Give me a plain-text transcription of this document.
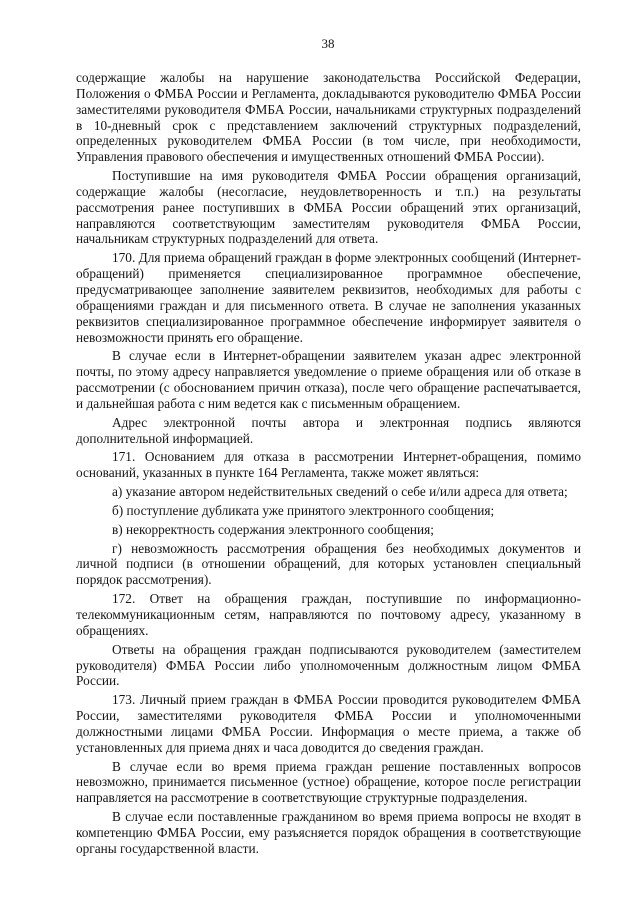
38

содержащие жалобы на нарушение законодательства Российской Федерации, Положения о ФМБА России и Регламента, докладываются руководителю ФМБА России заместителями руководителя ФМБА России, начальниками структурных подразделений в 10-дневный срок с представлением заключений структурных подразделений, определенных руководителем ФМБА России (в том числе, при необходимости, Управления правового обеспечения и имущественных отношений ФМБА России).

Поступившие на имя руководителя ФМБА России обращения организаций, содержащие жалобы (несогласие, неудовлетворенность и т.п.) на результаты рассмотрения ранее поступивших в ФМБА России обращений этих организаций, направляются соответствующим заместителям руководителя ФМБА России, начальникам структурных подразделений для ответа.

170. Для приема обращений граждан в форме электронных сообщений (Интернет-обращений) применяется специализированное программное обеспечение, предусматривающее заполнение заявителем реквизитов, необходимых для работы с обращениями граждан и для письменного ответа. В случае не заполнения указанных реквизитов специализированное программное обеспечение информирует заявителя о невозможности принять его обращение.

В случае если в Интернет-обращении заявителем указан адрес электронной почты, по этому адресу направляется уведомление о приеме обращения или об отказе в рассмотрении (с обоснованием причин отказа), после чего обращение распечатывается, и дальнейшая работа с ним ведется как с письменным обращением.

Адрес электронной почты автора и электронная подпись являются дополнительной информацией.

171. Основанием для отказа в рассмотрении Интернет-обращения, помимо оснований, указанных в пункте 164 Регламента, также может являться:

а) указание автором недействительных сведений о себе и/или адреса для ответа;

б) поступление дубликата уже принятого электронного сообщения;

в) некорректность содержания электронного сообщения;

г) невозможность рассмотрения обращения без необходимых документов и личной подписи (в отношении обращений, для которых установлен специальный порядок рассмотрения).

172. Ответ на обращения граждан, поступившие по информационно-телекоммуникационным сетям, направляются по почтовому адресу, указанному в обращениях.

Ответы на обращения граждан подписываются руководителем (заместителем руководителя) ФМБА России либо уполномоченным должностным лицом ФМБА России.

173. Личный прием граждан в ФМБА России проводится руководителем ФМБА России, заместителями руководителя ФМБА России и уполномоченными должностными лицами ФМБА России. Информация о месте приема, а также об установленных для приема днях и часа доводится до сведения граждан.

В случае если во время приема граждан решение поставленных вопросов невозможно, принимается письменное (устное) обращение, которое после регистрации направляется на рассмотрение в соответствующие структурные подразделения.

В случае если поставленные гражданином во время приема вопросы не входят в компетенцию ФМБА России, ему разъясняется порядок обращения в соответствующие органы государственной власти.
